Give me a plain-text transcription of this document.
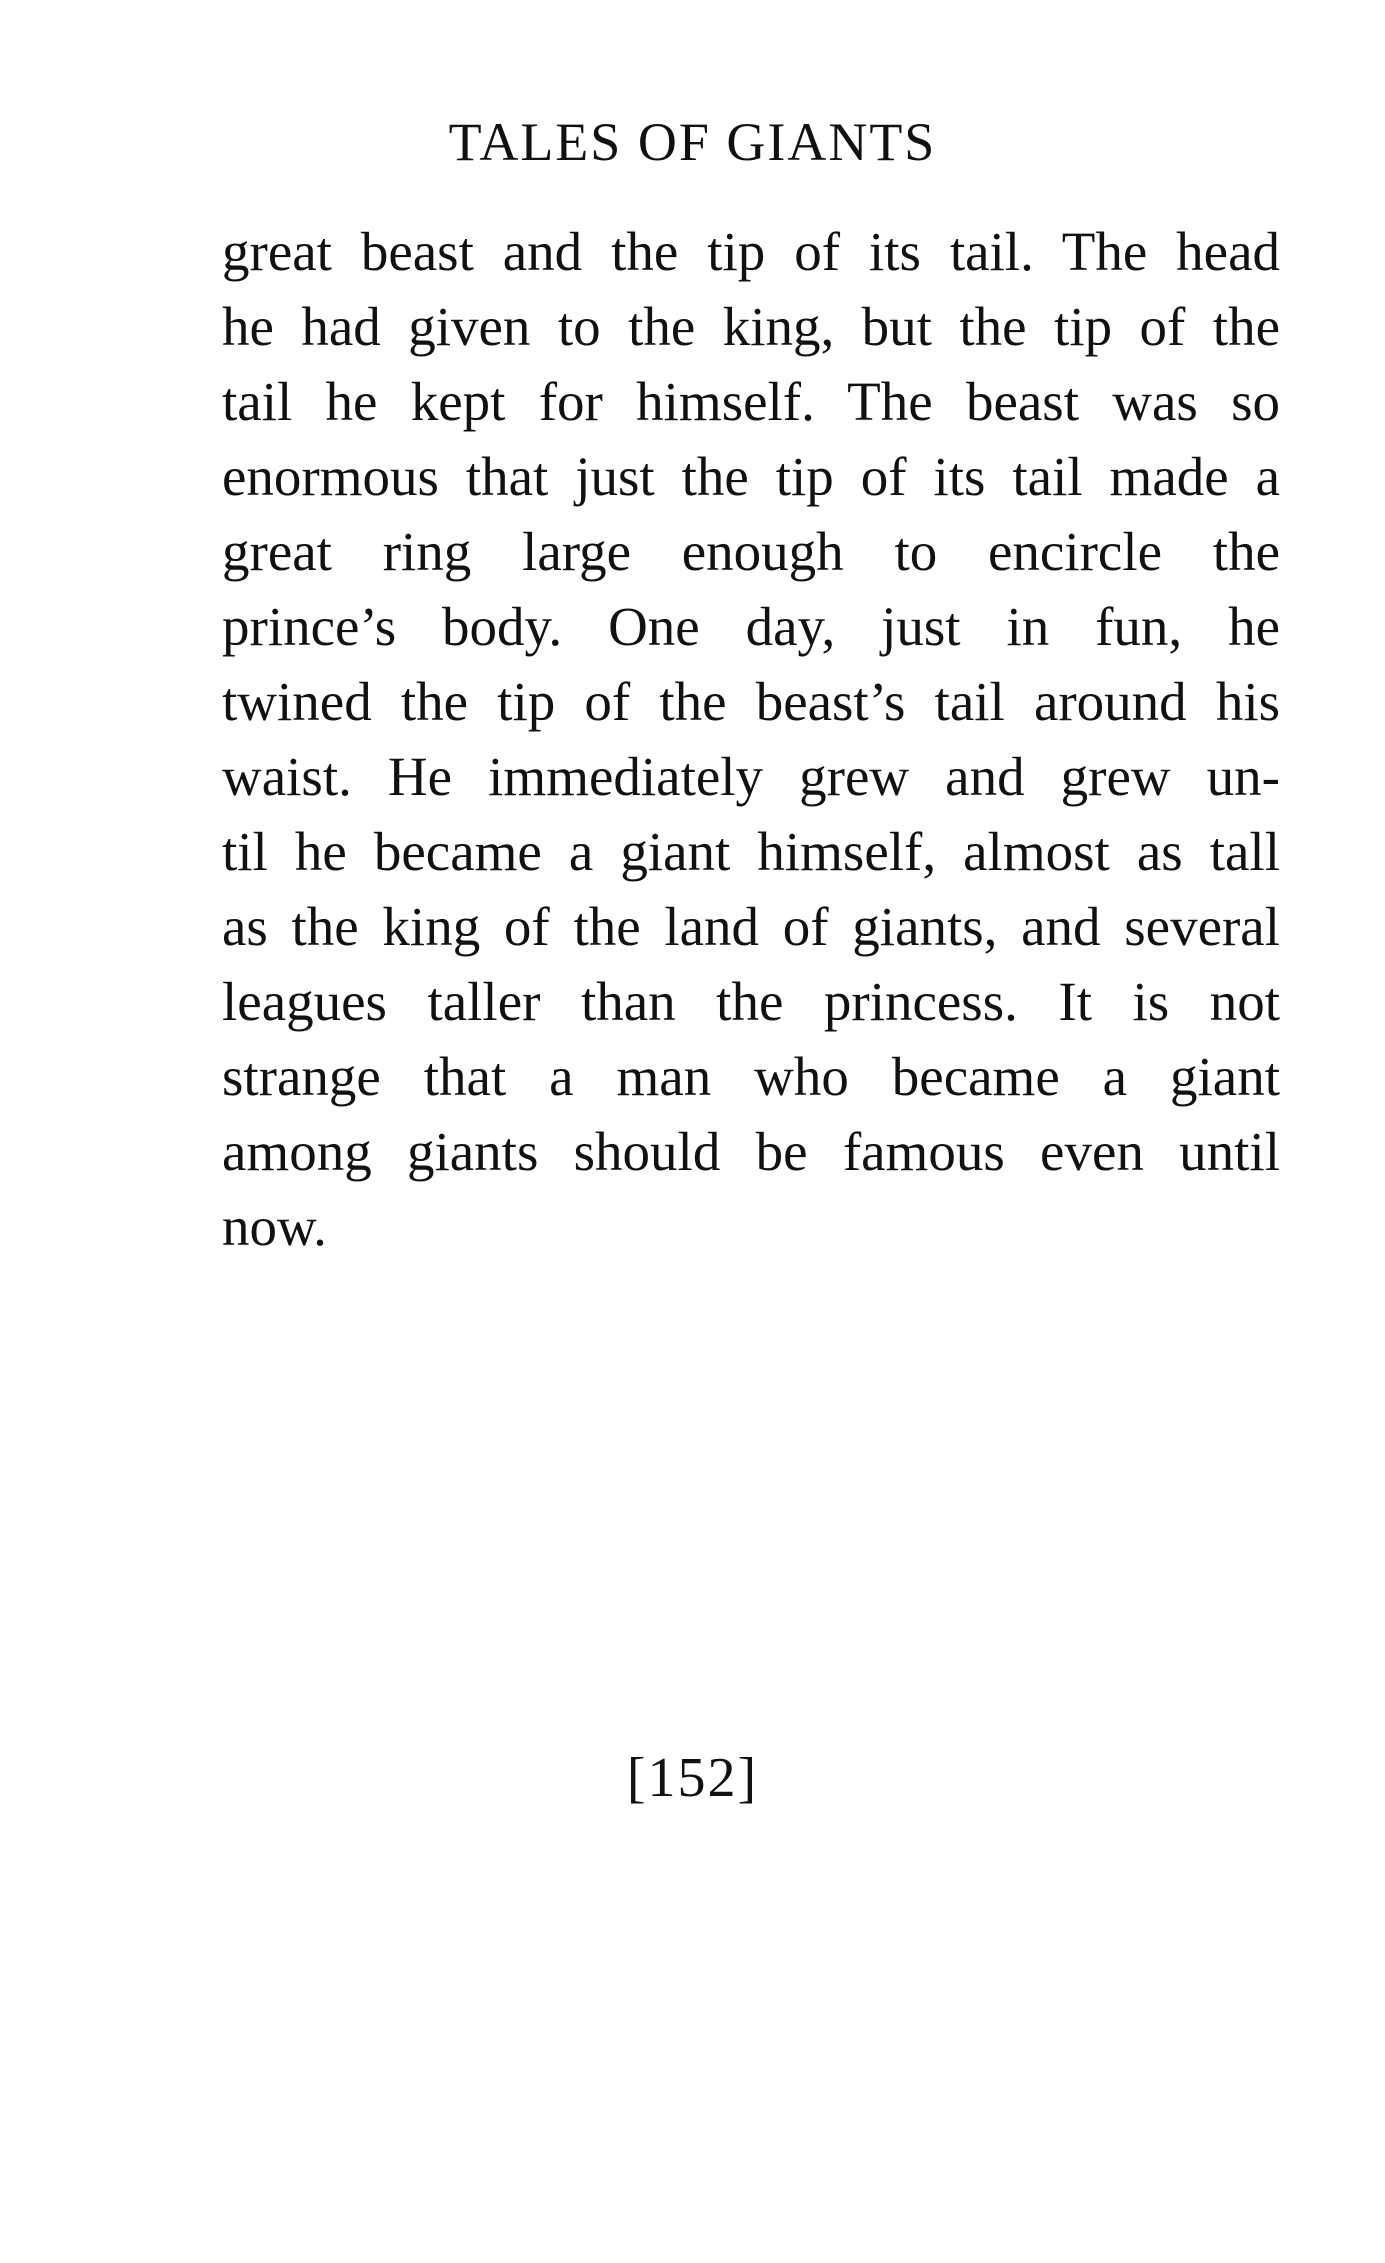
TALES OF GIANTS
great beast and the tip of its tail. The head
he had given to the king, but the tip of the
tail he kept for himself. The beast was so
enormous that just the tip of its tail made a
great ring large enough to encircle the
prince’s body. One day, just in fun, he
twined the tip of the beast’s tail around his
waist. He immediately grew and grew un-
til he became a giant himself, almost as tall
as the king of the land of giants, and several
leagues taller than the princess. It is not
strange that a man who became a giant
among giants should be famous even until
now.
[152]
